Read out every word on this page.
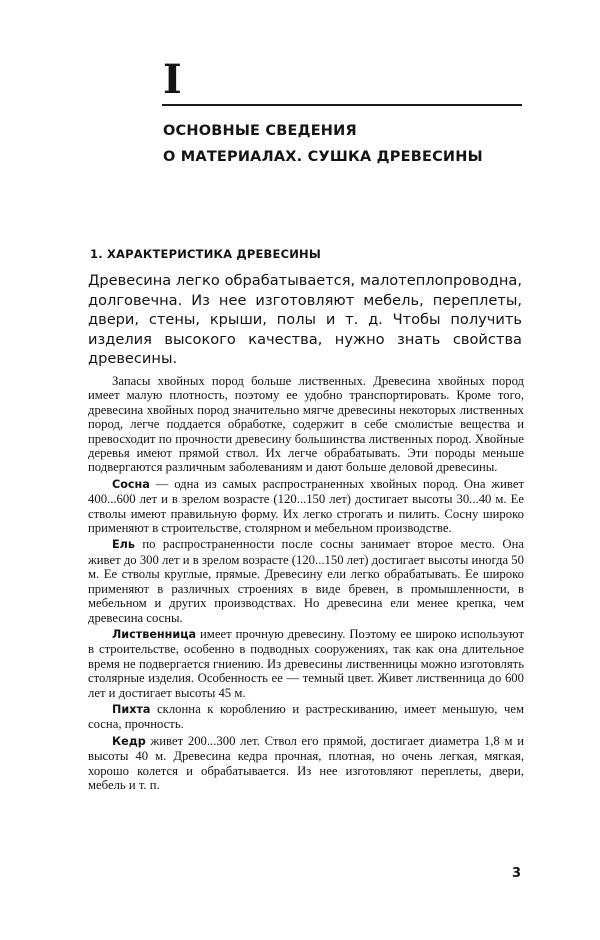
I
ОСНОВНЫЕ СВЕДЕНИЯ
О МАТЕРИАЛАХ. СУШКА ДРЕВЕСИНЫ
1. ХАРАКТЕРИСТИКА ДРЕВЕСИНЫ

Древесина легко обрабатывается, малотеплопроводна, долговечна. Из нее изготовляют мебель, переплеты, двери, стены, крыши, полы и т. д. Чтобы получить изделия высокого качества, нужно знать свойства древесины.

Запасы хвойных пород больше лиственных. Древесина хвойных пород имеет малую плотность, поэтому ее удобно транспортировать. Кроме того, древесина хвойных пород значительно мягче древесины некоторых лиственных пород, легче поддается обработке, содержит в себе смолистые вещества и превосходит по прочности древесину большинства лиственных пород. Хвойные деревья имеют прямой ствол. Их легче обрабатывать. Эти породы меньше подвергаются различным заболеваниям и дают больше деловой древесины.

Сосна — одна из самых распространенных хвойных пород. Она живет 400...600 лет и в зрелом возрасте (120...150 лет) достигает высоты 30...40 м. Ее стволы имеют правильную форму. Их легко строгать и пилить. Сосну широко применяют в строительстве, столярном и мебельном производстве.

Ель по распространенности после сосны занимает второе место. Она живет до 300 лет и в зрелом возрасте (120...150 лет) достигает высоты иногда 50 м. Ее стволы круглые, прямые. Древесину ели легко обрабатывать. Ее широко применяют в различных строениях в виде бревен, в промышленности, в мебельном и других производствах. Но древесина ели менее крепка, чем древесина сосны.

Лиственница имеет прочную древесину. Поэтому ее широко используют в строительстве, особенно в подводных сооружениях, так как она длительное время не подвергается гниению. Из древесины лиственницы можно изготовлять столярные изделия. Особенность ее — темный цвет. Живет лиственница до 600 лет и достигает высоты 45 м.

Пихта склонна к короблению и растрескиванию, имеет меньшую, чем сосна, прочность.

Кедр живет 200...300 лет. Ствол его прямой, достигает диаметра 1,8 м и высоты 40 м. Древесина кедра прочная, плотная, но очень легкая, мягкая, хорошо колется и обрабатывается. Из нее изготовляют переплеты, двери, мебель и т. п.

3
